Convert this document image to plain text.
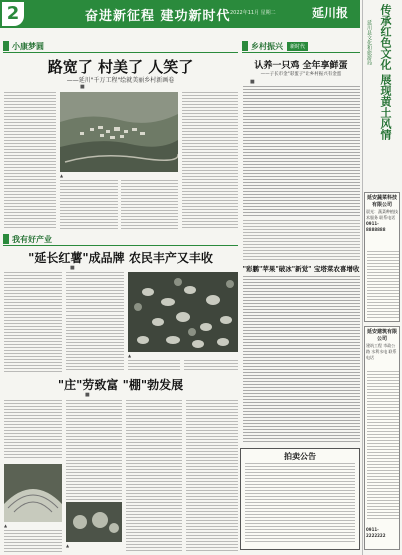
2	奋进新征程 建功新时代 2022年11月 星期二	延川报
小康梦圆
路宽了 村美了 人笑了
——延川"千万工程"绘就美丽乡村新画卷
■
▲
我有好产业
"延长红薯"成品牌 农民丰产又丰收
■
▲
"庄"劳致富 "棚"勃发展
■
▲
▲
乡村振兴	新时代
认养一只鸡 全年享鲜蛋
——子长市金"彩蛋子"让乡村振兴有金蛋
■
"彩鹏"苹果"破冰"新觉" 宝塔菜农喜增收
拍卖公告
传承红色文化 展现黄土风情
延川县文化和旅游局
延安蔬菜科技有限公司
晨光：蔬菜种植技术服务 联系电话
0911-8888888
延安建筑有限公司
建筑工程 市政公路 水利水电 联系电话
0911-2222222
